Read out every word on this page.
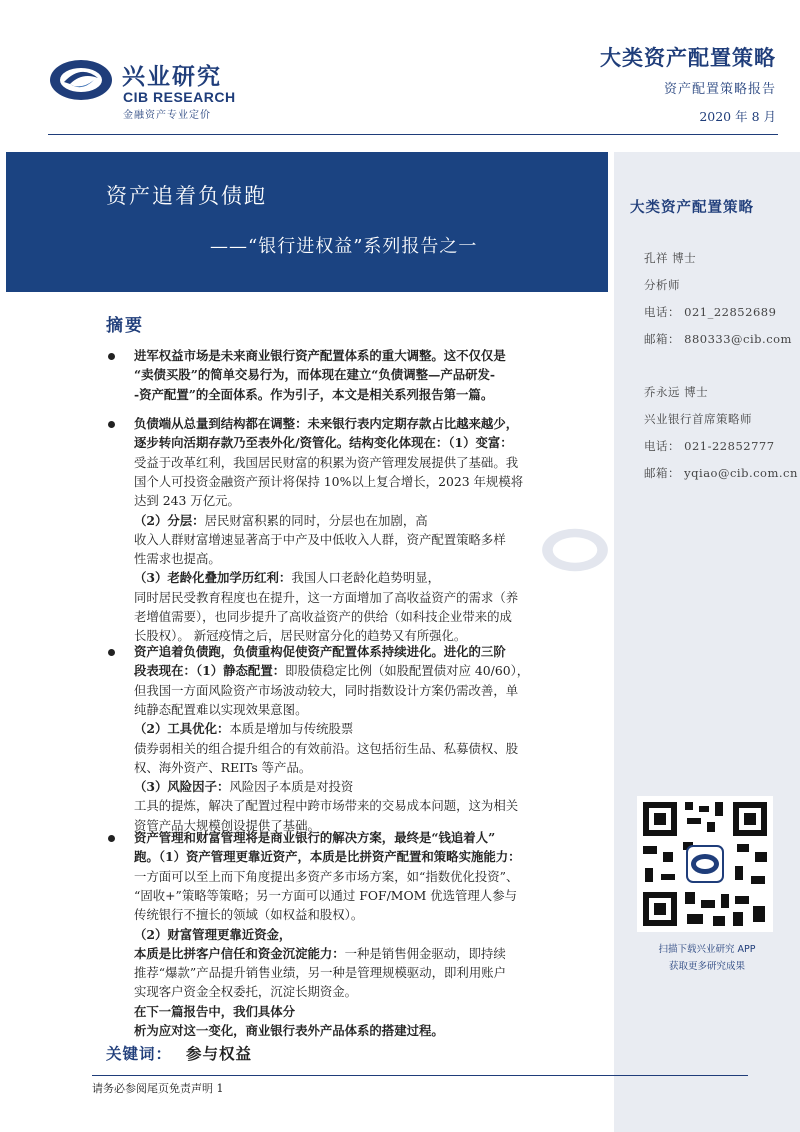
兴业研究
CIB RESEARCH
金融资产专业定价
大类资产配置策略
资产配置策略报告
2020 年 8 月
资产追着负债跑
——“银行进权益”系列报告之一
大类资产配置策略
孔祥 博士
分析师
电话： 021_22852689
邮箱： 880333@cib.com
乔永远 博士
兴业银行首席策略师
电话： 021-22852777
邮箱： yqiao@cib.com.cn
扫描下载兴业研究 APP
获取更多研究成果
摘要
进军权益市场是未来商业银行资产配置体系的重大调整。这不仅仅是
“卖债买股”的简单交易行为，而体现在建立“负债调整—产品研发-
-资产配置”的全面体系。作为引子，本文是相关系列报告第一篇。
负债端从总量到结构都在调整：未来银行表内定期存款占比越来越少，
逐步转向活期存款乃至表外化/资管化。结构变化体现在：（1）变富：
受益于改革红利，我国居民财富的积累为资产管理发展提供了基础。我
国个人可投资金融资产预计将保持 10%以上复合增长，2023 年规模将
达到 243 万亿元。
（2）分层：居民财富积累的同时，分层也在加剧，高
收入人群财富增速显著高于中产及中低收入人群，资产配置策略多样
性需求也提高。
（3）老龄化叠加学历红利：我国人口老龄化趋势明显，
同时居民受教育程度也在提升，这一方面增加了高收益资产的需求（养
老增值需要），也同步提升了高收益资产的供给（如科技企业带来的成
长股权）。 新冠疫情之后，居民财富分化的趋势又有所强化。
资产追着负债跑，负债重构促使资产配置体系持续进化。进化的三阶
段表现在：（1）静态配置：即股债稳定比例（如股配置债对应 40/60），
但我国一方面风险资产市场波动较大，同时指数设计方案仍需改善，单
纯静态配置难以实现效果意图。
（2）工具优化：本质是增加与传统股票
债券弱相关的组合提升组合的有效前沿。这包括衍生品、私募债权、股
权、海外资产、REITs 等产品。
（3）风险因子：风险因子本质是对投资
工具的提炼，解决了配置过程中跨市场带来的交易成本问题，这为相关
资管产品大规模创设提供了基础。
资产管理和财富管理将是商业银行的解决方案，最终是“钱追着人”
跑。（1）资产管理更靠近资产，本质是比拼资产配置和策略实施能力：
一方面可以至上而下角度提出多资产多市场方案，如“指数优化投资”、
“固收+”策略等策略；另一方面可以通过 FOF/MOM 优选管理人参与
传统银行不擅长的领域（如权益和股权）。
（2）财富管理更靠近资金，
本质是比拼客户信任和资金沉淀能力：一种是销售佣金驱动，即持续
推荐“爆款”产品提升销售业绩，另一种是管理规模驱动，即利用账户
实现客户资金全权委托，沉淀长期资金。
在下一篇报告中，我们具体分
析为应对这一变化，商业银行表外产品体系的搭建过程。
关键词： 参与权益
请务必参阅尾页免责声明 1
